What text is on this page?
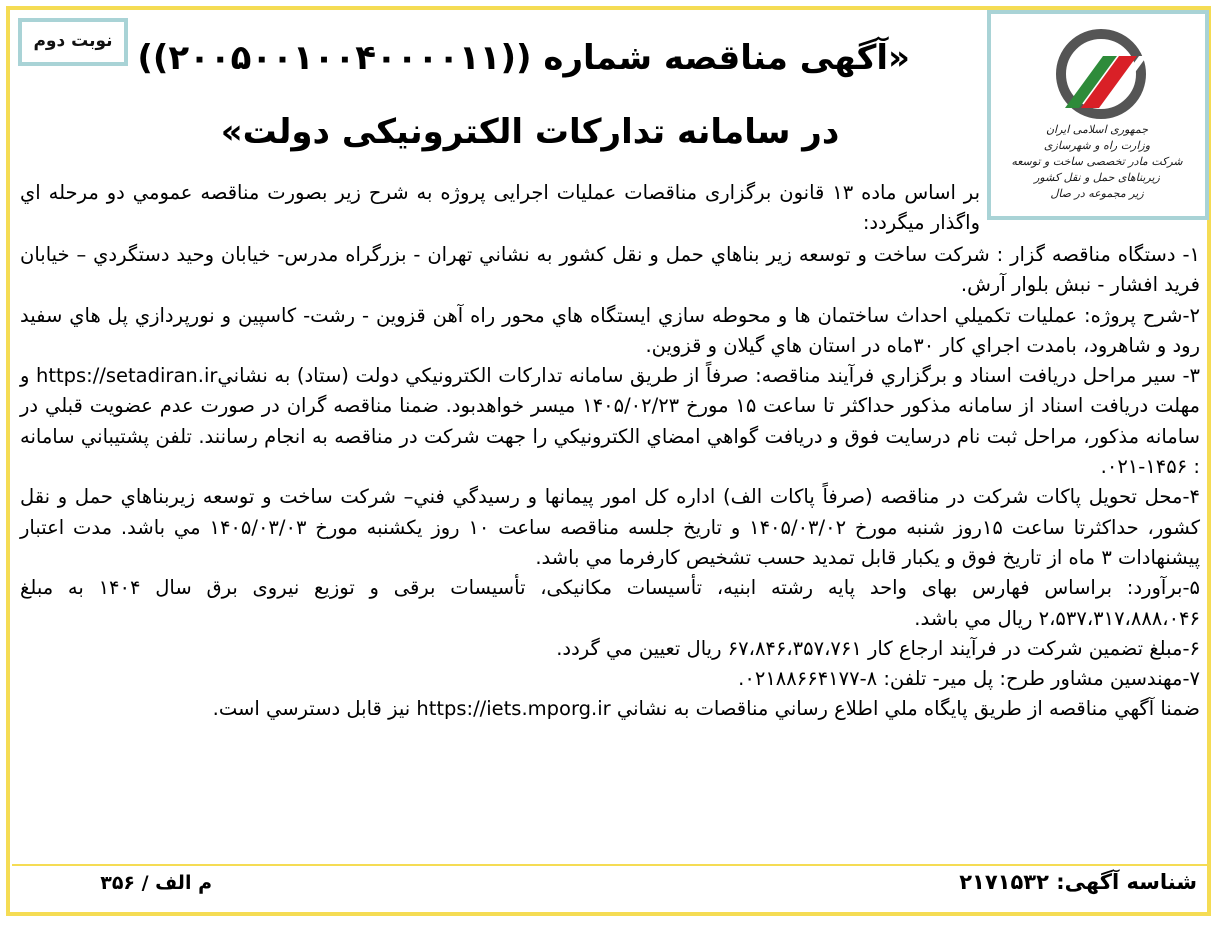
نوبت دوم
جمهوری اسلامی ایران
وزارت راه و شهرسازی
شرکت مادر تخصصی ساخت و توسعه زیربناهای حمل و نقل کشور
زیر مجموعه در صال
«آگهی مناقصه شماره ((۲۰۰۵۰۰۱۰۰۴۰۰۰۰۱۱))
در سامانه تدارکات الکترونیکی دولت»

بر اساس ماده ۱۳ قانون برگزاری مناقصات عملیات اجرایی پروژه به شرح زیر بصورت مناقصه عمومي دو مرحله اي واگذار میگردد:

۱- دستگاه مناقصه گزار : شرکت ساخت و توسعه زیر بناهاي حمل و نقل کشور به نشاني تهران - بزرگراه مدرس- خیابان وحید دستگردي – خیابان فرید افشار - نبش بلوار آرش.

۲-شرح پروژه: عملیات تکمیلي احداث ساختمان ها و محوطه سازي ایستگاه هاي محور راه آهن قزوین - رشت- کاسپین و نورپردازي پل هاي سفید رود و شاهرود، بامدت اجراي کار ۳۰ماه در استان هاي گیلان و قزوین.

۳- سیر مراحل دریافت اسناد و برگزاري فرآیند مناقصه: صرفاً از طریق سامانه تدارکات الکترونیکي دولت (ستاد) به نشانيhttps://setadiran.ir و مهلت دریافت اسناد از سامانه مذکور حداکثر تا ساعت ۱۵ مورخ ۱۴۰۵/۰۲/۲۳ میسر خواهدبود. ضمنا مناقصه گران در صورت عدم عضویت قبلي در سامانه مذکور، مراحل ثبت نام درسایت فوق و دریافت گواهي امضاي الکترونیکي را جهت شرکت در مناقصه به انجام رسانند. تلفن پشتیباني سامانه : ۱۴۵۶-۰۲۱.

۴-محل تحویل پاکات شرکت در مناقصه (صرفاً پاکات الف) اداره کل امور پیمانها و رسیدگي فني– شرکت ساخت و توسعه زیربناهاي حمل و نقل کشور، حداکثرتا ساعت ۱۵روز شنبه مورخ ۱۴۰۵/۰۳/۰۲ و تاریخ جلسه مناقصه ساعت ۱۰ روز یکشنبه مورخ ۱۴۰۵/۰۳/۰۳ مي باشد. مدت اعتبار پیشنهادات ۳ ماه از تاریخ فوق و یکبار قابل تمدید حسب تشخیص کارفرما مي باشد.

۵-برآورد: براساس فهارس بهای واحد پایه رشته ابنیه، تأسیسات مکانیکی، تأسیسات برقی و توزیع نیروی برق سال ۱۴۰۴ به مبلغ ۲،۵۳۷،۳۱۷،۸۸۸،۰۴۶ ریال مي باشد.

۶-مبلغ تضمین شرکت در فرآیند ارجاع کار ۶۷،۸۴۶،۳۵۷،۷۶۱ ریال تعیین مي گردد.

۷-مهندسین مشاور طرح: پل میر- تلفن: ۸-۰۲۱۸۸۶۶۴۱۷۷.

ضمنا آگهي مناقصه از طریق پایگاه ملي اطلاع رساني مناقصات به نشاني https://iets.mporg.ir نیز قابل دسترسي است.

م الف / ۳۵۶	شناسه آگهی: ۲۱۷۱۵۳۲
